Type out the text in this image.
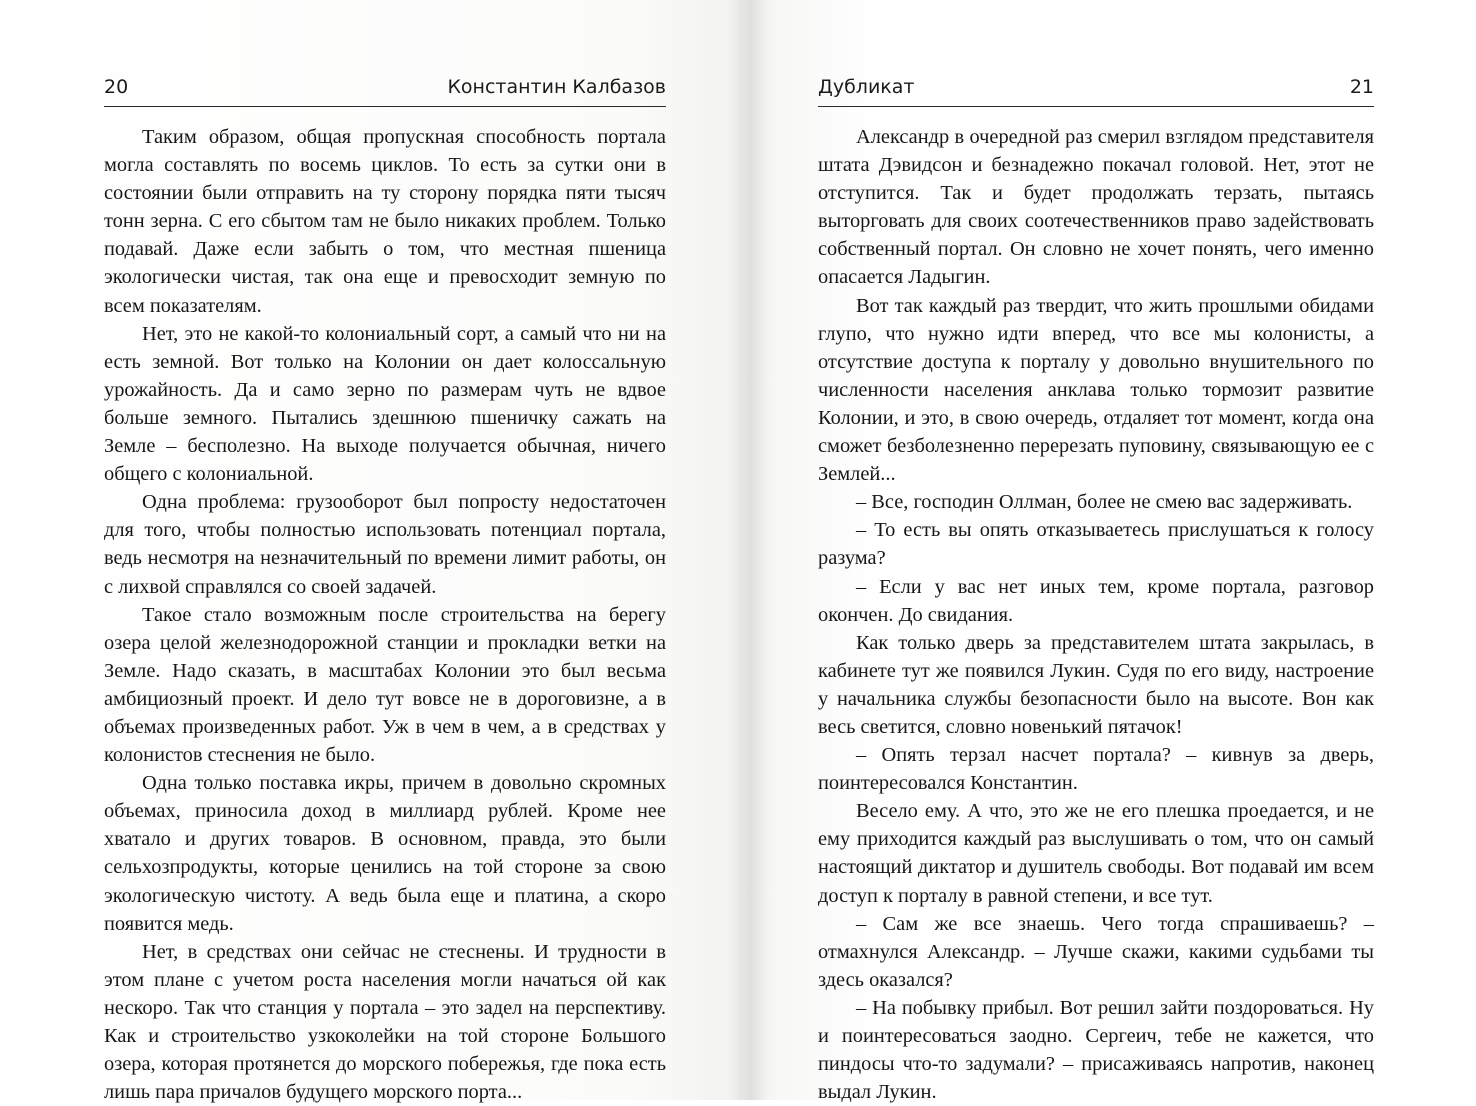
20	Константин Калбазов	Дубликат	21

Таким образом, общая пропускная способность портала могла составлять по восемь циклов. То есть за сутки они в состоянии были отправить на ту сторону порядка пяти тысяч тонн зерна. С его сбытом там не было никаких проблем. Только подавай. Даже если забыть о том, что местная пшеница экологически чистая, так она еще и превосходит земную по всем показателям.

Нет, это не какой-то колониальный сорт, а самый что ни на есть земной. Вот только на Колонии он дает колоссальную урожайность. Да и само зерно по размерам чуть не вдвое больше земного. Пытались здешнюю пшеничку сажать на Земле – бесполезно. На выходе получается обычная, ничего общего с колониальной.

Одна проблема: грузооборот был попросту недостаточен для того, чтобы полностью использовать потенциал портала, ведь несмотря на незначительный по времени лимит работы, он с лихвой справлялся со своей задачей.

Такое стало возможным после строительства на берегу озера целой железнодорожной станции и прокладки ветки на Земле. Надо сказать, в масштабах Колонии это был весьма амбициозный проект. И дело тут вовсе не в дороговизне, а в объемах произведенных работ. Уж в чем в чем, а в средствах у колонистов стеснения не было.

Одна только поставка икры, причем в довольно скромных объемах, приносила доход в миллиард рублей. Кроме нее хватало и других товаров. В основном, правда, это были сельхозпродукты, которые ценились на той стороне за свою экологическую чистоту. А ведь была еще и платина, а скоро появится медь.

Нет, в средствах они сейчас не стеснены. И трудности в этом плане с учетом роста населения могли начаться ой как нескоро. Так что станция у портала – это задел на перспективу. Как и строительство узкоколейки на той стороне Большого озера, которая протянется до морского побережья, где пока есть лишь пара причалов будущего морского порта...

Александр в очередной раз смерил взглядом представителя штата Дэвидсон и безнадежно покачал головой. Нет, этот не отступится. Так и будет продолжать терзать, пытаясь выторговать для своих соотечественников право задействовать собственный портал. Он словно не хочет понять, чего именно опасается Ладыгин.

Вот так каждый раз твердит, что жить прошлыми обидами глупо, что нужно идти вперед, что все мы колонисты, а отсутствие доступа к порталу у довольно внушительного по численности населения анклава только тормозит развитие Колонии, и это, в свою очередь, отдаляет тот момент, когда она сможет безболезненно перерезать пуповину, связывающую ее с Землей...

– Все, господин Оллман, более не смею вас задерживать.

– То есть вы опять отказываетесь прислушаться к голосу разума?

– Если у вас нет иных тем, кроме портала, разговор окончен. До свидания.

Как только дверь за представителем штата закрылась, в кабинете тут же появился Лукин. Судя по его виду, настроение у начальника службы безопасности было на высоте. Вон как весь светится, словно новенький пятачок!

– Опять терзал насчет портала? – кивнув за дверь, поинтересовался Константин.

Весело ему. А что, это же не его плешка проедается, и не ему приходится каждый раз выслушивать о том, что он самый настоящий диктатор и душитель свободы. Вот подавай им всем доступ к порталу в равной степени, и все тут.

– Сам же все знаешь. Чего тогда спрашиваешь? – отмахнулся Александр. – Лучше скажи, какими судьбами ты здесь оказался?

– На побывку прибыл. Вот решил зайти поздороваться. Ну и поинтересоваться заодно. Сергеич, тебе не кажется, что пиндосы что-то задумали? – присаживаясь напротив, наконец выдал Лукин.
